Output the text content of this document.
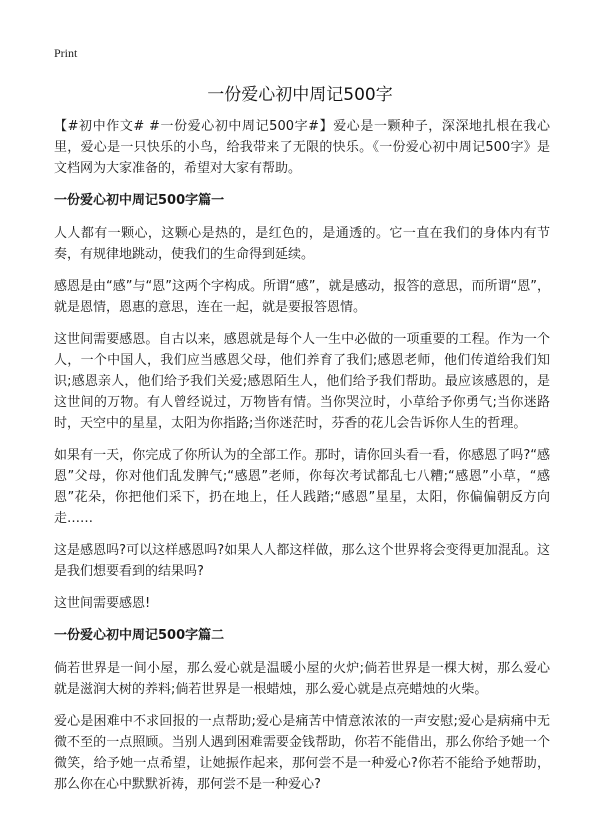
Print
一份爱心初中周记500字

【#初中作文# #一份爱心初中周记500字#】爱心是一颗种子，深深地扎根在我心里，爱心是一只快乐的小鸟，给我带来了无限的快乐。《一份爱心初中周记500字》是文档网为大家准备的，希望对大家有帮助。

一份爱心初中周记500字篇一

人人都有一颗心，这颗心是热的，是红色的，是通透的。它一直在我们的身体内有节奏，有规律地跳动，使我们的生命得到延续。

感恩是由“感”与“恩”这两个字构成。所谓“感”，就是感动，报答的意思，而所谓“恩”，就是恩情，恩惠的意思，连在一起，就是要报答恩情。

这世间需要感恩。自古以来，感恩就是每个人一生中必做的一项重要的工程。作为一个人，一个中国人，我们应当感恩父母，他们养育了我们;感恩老师，他们传道给我们知识;感恩亲人，他们给予我们关爱;感恩陌生人，他们给予我们帮助。最应该感恩的，是这世间的万物。有人曾经说过，万物皆有情。当你哭泣时，小草给予你勇气;当你迷路时，天空中的星星，太阳为你指路;当你迷茫时，芬香的花儿会告诉你人生的哲理。

如果有一天，你完成了你所认为的全部工作。那时，请你回头看一看，你感恩了吗?“感恩”父母，你对他们乱发脾气;“感恩”老师，你每次考试都乱七八糟;“感恩”小草，“感恩”花朵，你把他们采下，扔在地上，任人践踏;“感恩”星星，太阳，你偏偏朝反方向走……

这是感恩吗?可以这样感恩吗?如果人人都这样做，那么这个世界将会变得更加混乱。这是我们想要看到的结果吗?

这世间需要感恩!

一份爱心初中周记500字篇二

倘若世界是一间小屋，那么爱心就是温暖小屋的火炉;倘若世界是一棵大树，那么爱心就是滋润大树的养料;倘若世界是一根蜡烛，那么爱心就是点亮蜡烛的火柴。

爱心是困难中不求回报的一点帮助;爱心是痛苦中情意浓浓的一声安慰;爱心是病痛中无微不至的一点照顾。当别人遇到困难需要金钱帮助，你若不能借出，那么你给予她一个微笑，给予她一点希望，让她振作起来，那何尝不是一种爱心?你若不能给予她帮助，那么你在心中默默祈祷，那何尝不是一种爱心?
